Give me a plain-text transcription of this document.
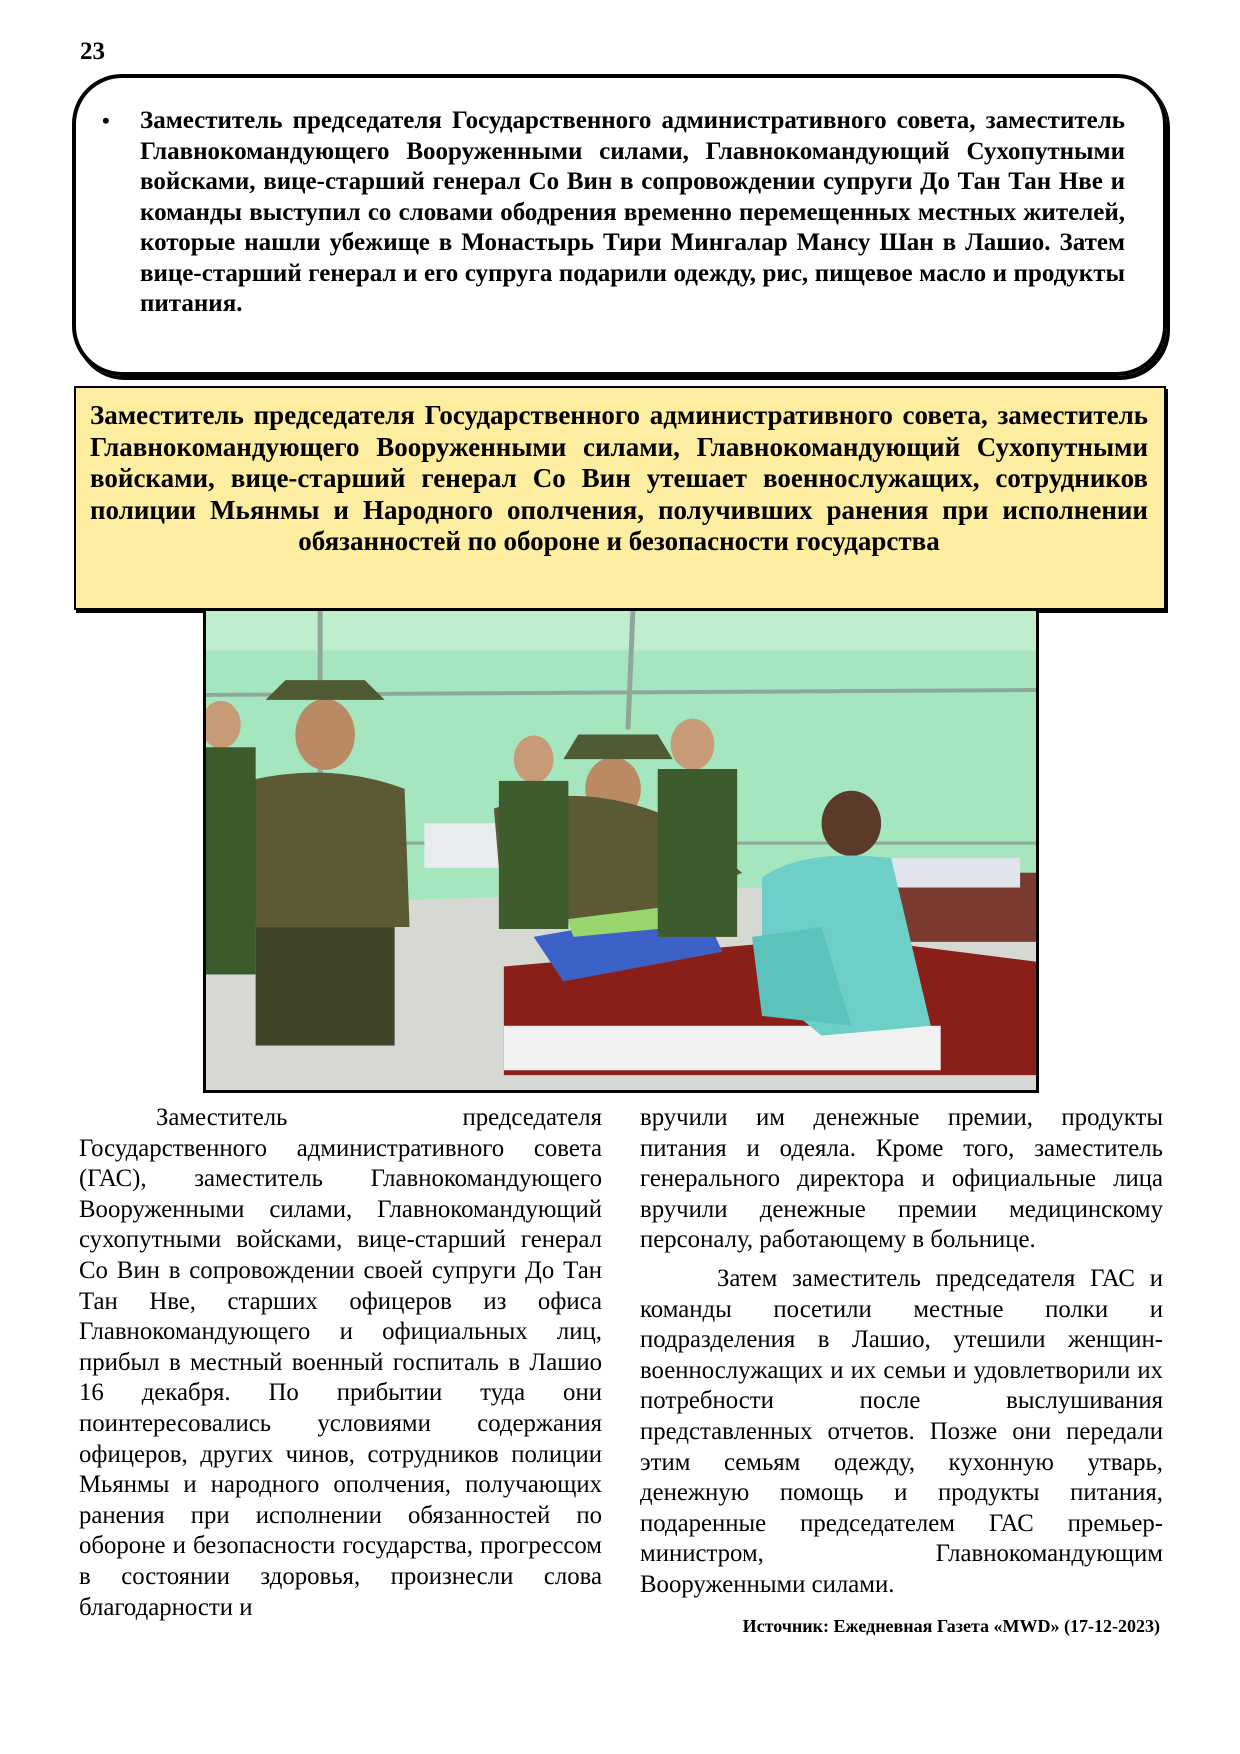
23
• Заместитель председателя Государственного административного совета, заместитель Главнокомандующего Вооруженными силами, Главнокомандующий Сухопутными войсками, вице-старший генерал Со Вин в сопровождении супруги До Тан Тан Нве и команды выступил со словами ободрения временно перемещенных местных жителей, которые нашли убежище в Монастырь Тири Мингалар Мансу Шан в Лашио. Затем вице-старший генерал и его супруга подарили одежду, рис, пищевое масло и продукты питания.
Заместитель председателя Государственного административного совета, заместитель Главнокомандующего Вооруженными силами, Главнокомандующий Сухопутными войсками, вице-старший генерал Со Вин утешает военнослужащих, сотрудников полиции Мьянмы и Народного ополчения, получивших ранения при исполнении обязанностей по обороне и безопасности государства

Заместитель председателя Государственного административного совета (ГАС), заместитель Главнокомандующего Вооруженными силами, Главнокомандующий сухопутными войсками, вице-старший генерал Со Вин в сопровождении своей супруги До Тан Тан Нве, старших офицеров из офиса Главнокомандующего и официальных лиц, прибыл в местный военный госпиталь в Лашио 16 декабря. По прибытии туда они поинтересовались условиями содержания офицеров, других чинов, сотрудников полиции Мьянмы и народного ополчения, получающих ранения при исполнении обязанностей по обороне и безопасности государства, прогрессом в состоянии здоровья, произнесли слова благодарности и

вручили им денежные премии, продукты питания и одеяла. Кроме того, заместитель генерального директора и официальные лица вручили денежные премии медицинскому персоналу, работающему в больнице.

Затем заместитель председателя ГАС и команды посетили местные полки и подразделения в Лашио, утешили женщин-военнослужащих и их семьи и удовлетворили их потребности после выслушивания представленных отчетов. Позже они передали этим семьям одежду, кухонную утварь, денежную помощь и продукты питания, подаренные председателем ГАС премьер-министром, Главнокомандующим Вооруженными силами.

Источник: Ежедневная Газета «MWD» (17-12-2023)
